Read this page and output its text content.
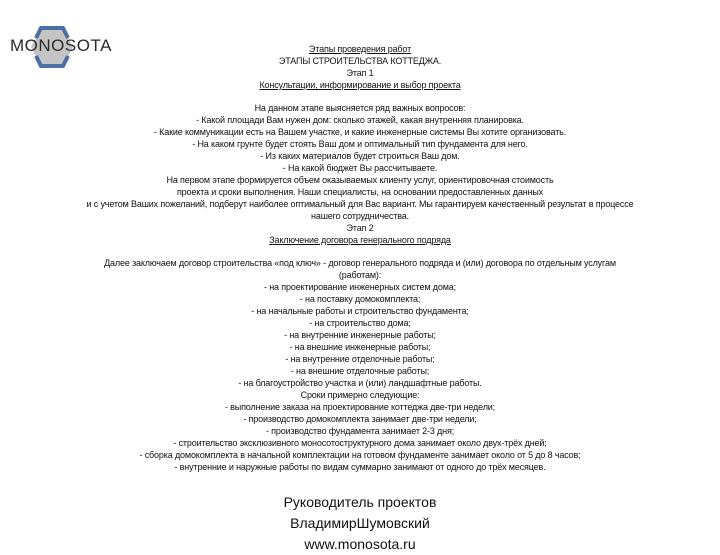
MONOSOTA	Этапы проведения работ
ЭТАПЫ СТРОИТЕЛЬСТВА КОТТЕДЖА.
Этап 1
Консультации, информирование и выбор проекта
На данном этапе выясняется ряд важных вопросов:
- Какой площади Вам нужен дом: сколько этажей, какая внутренняя планировка.
- Какие коммуникации есть на Вашем участке, и какие инженерные системы Вы хотите организовать.
- На каком грунте будет стоять Ваш дом и оптимальный тип фундамента для него.
- Из каких материалов будет строиться Ваш дом.
- На какой бюджет Вы рассчитываете.
На первом этапе формируется объем оказываемых клиенту услуг, ориентировочная стоимость
проекта и сроки выполнения. Наши специалисты, на основании предоставленных данных
и с учетом Ваших пожеланий, подберут наиболее оптимальный для Вас вариант. Мы гарантируем качественный результат в процессе
нашего сотрудничества.
Этап 2
Заключение договора генерального подряда
Далее заключаем договор строительства «под ключ» - договор генерального подряда и (или) договора по отдельным услугам
(работам):
- на проектирование инженерных систем дома;
- на поставку домокомплекта;
- на начальные работы и строительство фундамента;
- на строительство дома;
- на внутренние инженерные работы;
- на внешние инженерные работы;
- на внутренние отделочные работы;
- на внешние отделочные работы;
- на благоустройство участка и (или) ландшафтные работы.
Сроки примерно следующие:
- выполнение заказа на проектирование коттеджа две-три недели;
- производство домокомплекта занимает две-три недели;
- производство фундамента занимает 2-3 дня;
- строительство эксклюзивного моносотоструктурного дома занимает около двух-трёх дней;
- сборка домокомплекта в начальной комплектации на готовом фундаменте занимает около от 5 до 8 часов;
- внутренние и наружные работы по видам суммарно занимают от одного до трёх месяцев.
Руководитель проектов
ВладимирШумовский
www.monosota.ru
